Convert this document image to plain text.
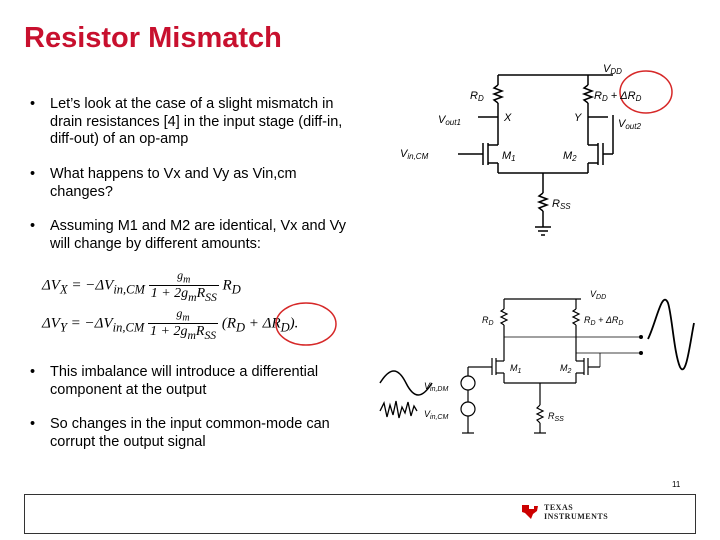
Resistor Mismatch
• Let’s look at the case of a slight mismatch in drain resistances [4] in the input stage (diff-in, diff-out) of an op-amp
• What happens to Vx and Vy as Vin,cm changes?
• Assuming M1 and M2 are identical, Vx and Vy will change by different amounts:
• This imbalance will introduce a differential component at the output
• So changes in the input common-mode can corrupt the output signal
$\Delta V_X = -\Delta V_{in,CM} \frac{g_m}{1 + 2g_mR_{SS}} R_D$
$\Delta V_Y = -\Delta V_{in,CM} \frac{g_m}{1 + 2g_mR_{SS}} (R_D + \Delta R_D)$.
VDD
RD	RD + ΔRD
Vout1	Vout2
X	Y
Vin,CM	M1	M2
RSS
$V_{DD}$
$R_D$	$R_D + \Delta R_D$
$M_1$	$M_2$
$V_{in,DM}$
$V_{in,CM}$	$R_{SS}$
11
TEXAS
INSTRUMENTS
